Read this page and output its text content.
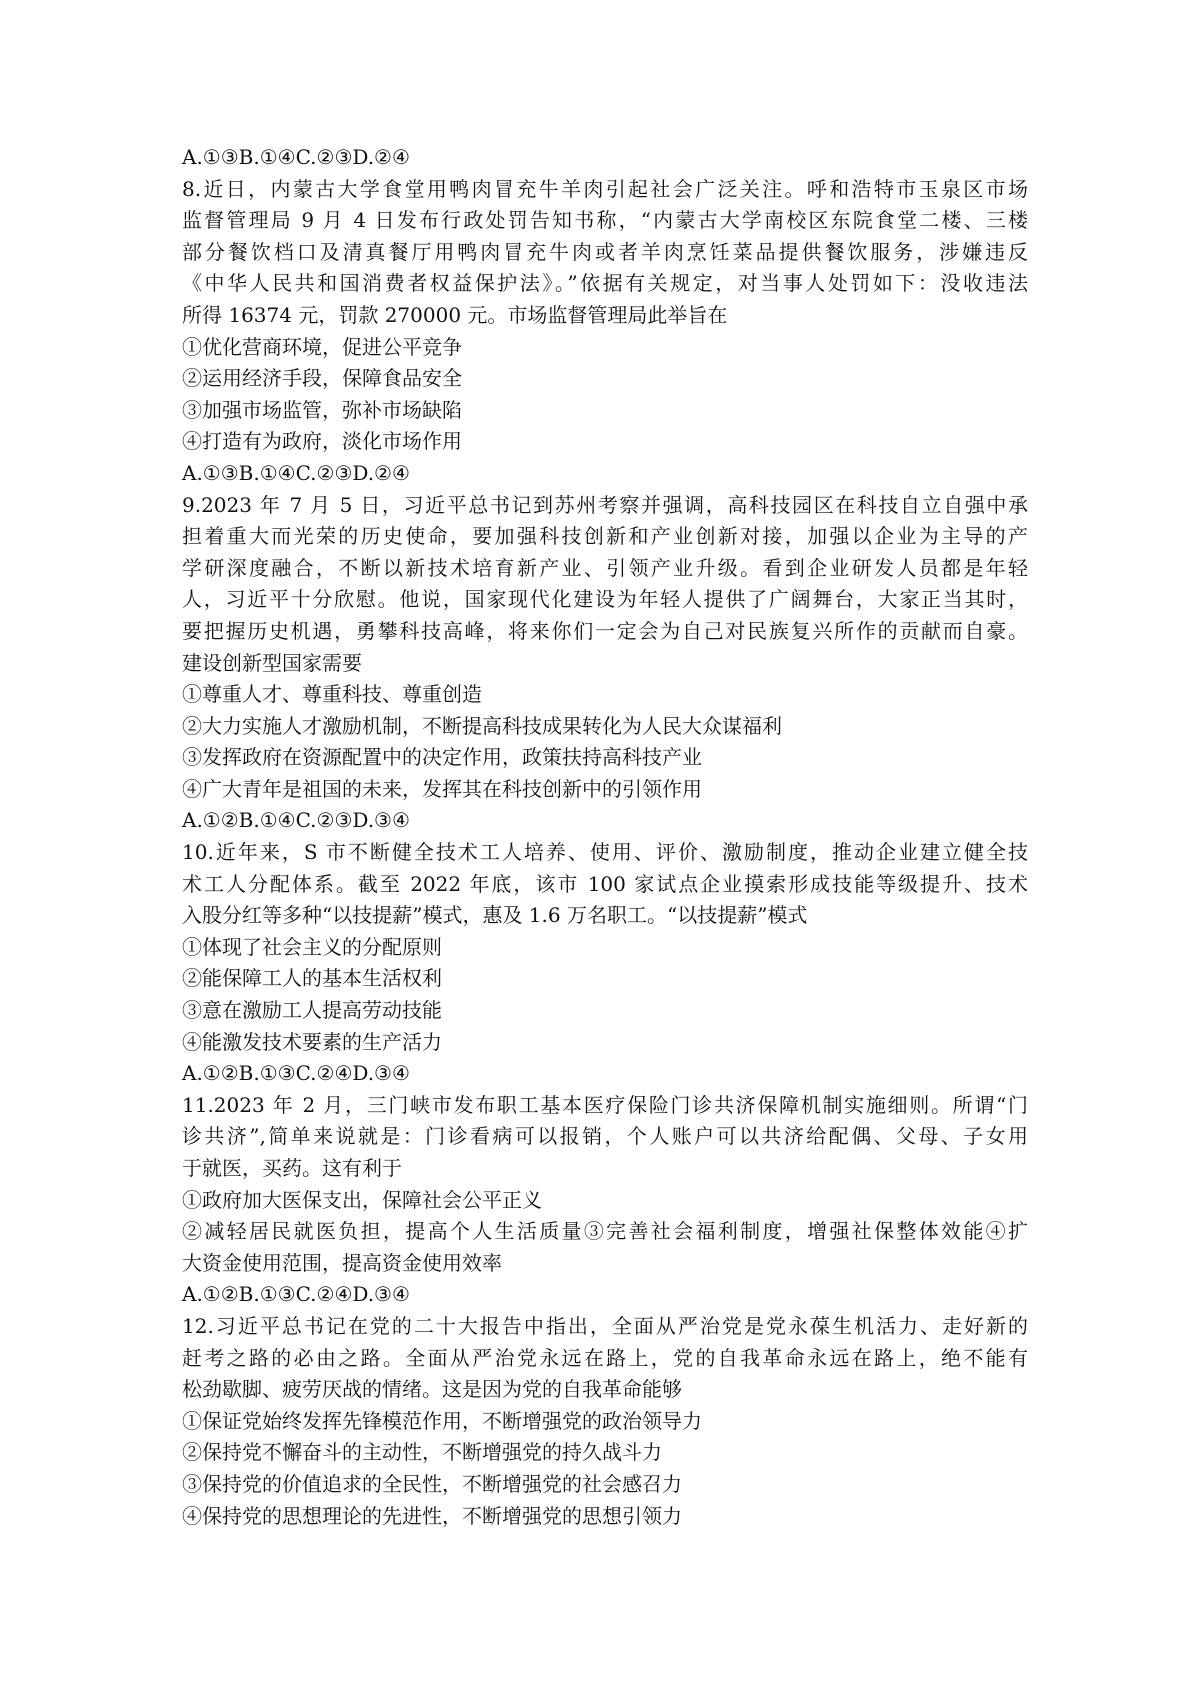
A.①③B.①④C.②③D.②④
8.近日，内蒙古大学食堂用鸭肉冒充牛羊肉引起社会广泛关注。呼和浩特市玉泉区市场
监督管理局 9 月 4 日发布行政处罚告知书称，“内蒙古大学南校区东院食堂二楼、三楼
部分餐饮档口及清真餐厅用鸭肉冒充牛肉或者羊肉烹饪菜品提供餐饮服务，涉嫌违反
《中华人民共和国消费者权益保护法》。”依据有关规定，对当事人处罚如下：没收违法
所得 16374 元，罚款 270000 元。市场监督管理局此举旨在
①优化营商环境，促进公平竞争
②运用经济手段，保障食品安全
③加强市场监管，弥补市场缺陷
④打造有为政府，淡化市场作用
A.①③B.①④C.②③D.②④
9.2023 年 7 月 5 日，习近平总书记到苏州考察并强调，高科技园区在科技自立自强中承
担着重大而光荣的历史使命，要加强科技创新和产业创新对接，加强以企业为主导的产
学研深度融合，不断以新技术培育新产业、引领产业升级。看到企业研发人员都是年轻
人，习近平十分欣慰。他说，国家现代化建设为年轻人提供了广阔舞台，大家正当其时，
要把握历史机遇，勇攀科技高峰，将来你们一定会为自己对民族复兴所作的贡献而自豪。
建设创新型国家需要
①尊重人才、尊重科技、尊重创造
②大力实施人才激励机制，不断提高科技成果转化为人民大众谋福利
③发挥政府在资源配置中的决定作用，政策扶持高科技产业
④广大青年是祖国的未来，发挥其在科技创新中的引领作用
A.①②B.①④C.②③D.③④
10.近年来，S 市不断健全技术工人培养、使用、评价、激励制度，推动企业建立健全技
术工人分配体系。截至 2022 年底，该市 100 家试点企业摸索形成技能等级提升、技术
入股分红等多种“以技提薪”模式，惠及 1.6 万名职工。“以技提薪”模式
①体现了社会主义的分配原则
②能保障工人的基本生活权利
③意在激励工人提高劳动技能
④能激发技术要素的生产活力
A.①②B.①③C.②④D.③④
11.2023 年 2 月，三门峡市发布职工基本医疗保险门诊共济保障机制实施细则。所谓“门
诊共济”,简单来说就是：门诊看病可以报销，个人账户可以共济给配偶、父母、子女用
于就医，买药。这有利于
①政府加大医保支出，保障社会公平正义
②减轻居民就医负担，提高个人生活质量③完善社会福利制度，增强社保整体效能④扩
大资金使用范围，提高资金使用效率
A.①②B.①③C.②④D.③④
12.习近平总书记在党的二十大报告中指出，全面从严治党是党永葆生机活力、走好新的
赶考之路的必由之路。全面从严治党永远在路上，党的自我革命永远在路上，绝不能有
松劲歇脚、疲劳厌战的情绪。这是因为党的自我革命能够
①保证党始终发挥先锋模范作用，不断增强党的政治领导力
②保持党不懈奋斗的主动性，不断增强党的持久战斗力
③保持党的价值追求的全民性，不断增强党的社会感召力
④保持党的思想理论的先进性，不断增强党的思想引领力
